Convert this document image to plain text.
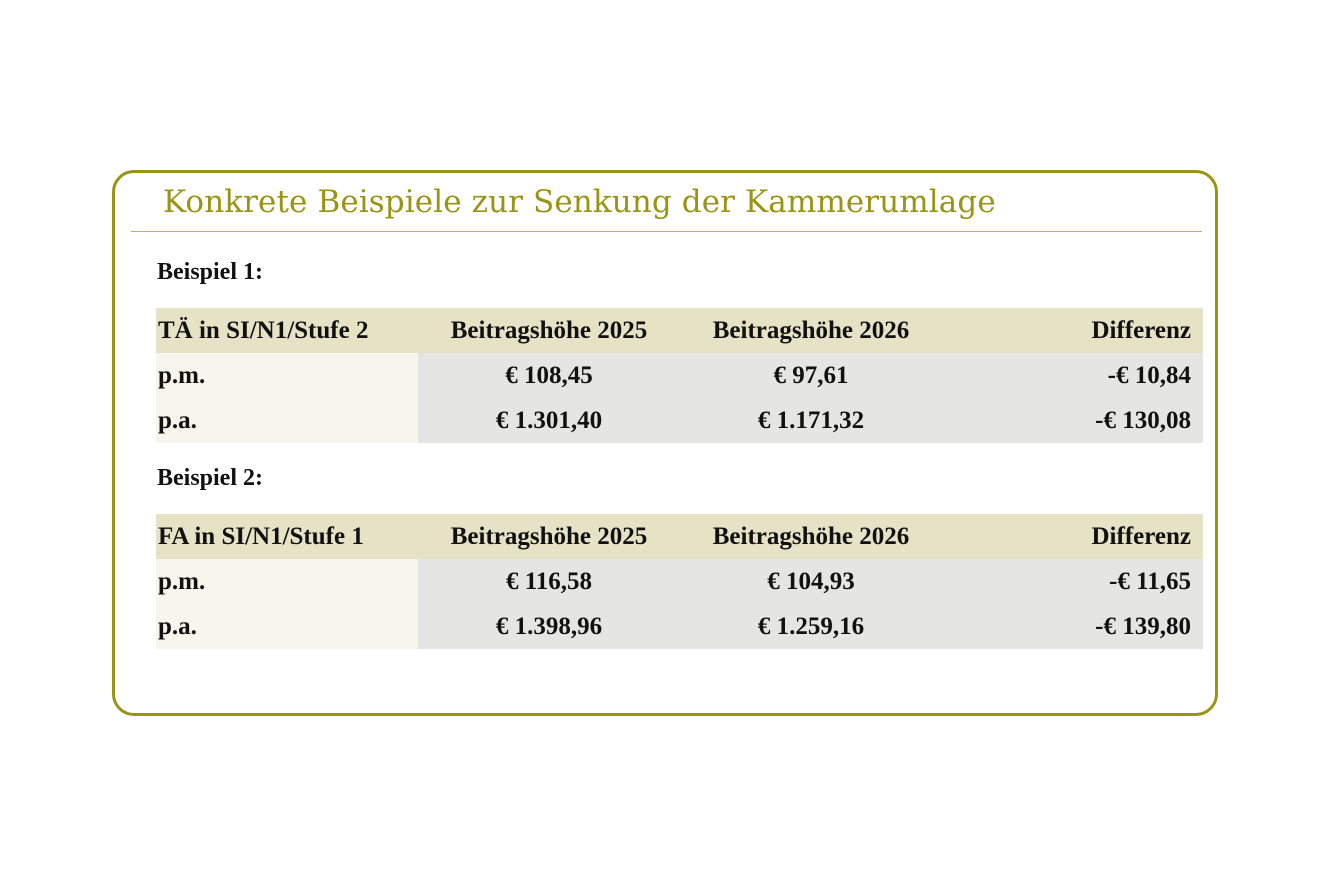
Konkrete Beispiele zur Senkung der Kammerumlage
Beispiel 1:
TÄ in SI/N1/Stufe 2	Beitragshöhe 2025	Beitragshöhe 2026	Differenz
p.m.	€ 108,45	€ 97,61	-€ 10,84
p.a.	€ 1.301,40	€ 1.171,32	-€ 130,08
Beispiel 2:
FA in SI/N1/Stufe 1	Beitragshöhe 2025	Beitragshöhe 2026	Differenz
p.m.	€ 116,58	€ 104,93	-€ 11,65
p.a.	€ 1.398,96	€ 1.259,16	-€ 139,80
